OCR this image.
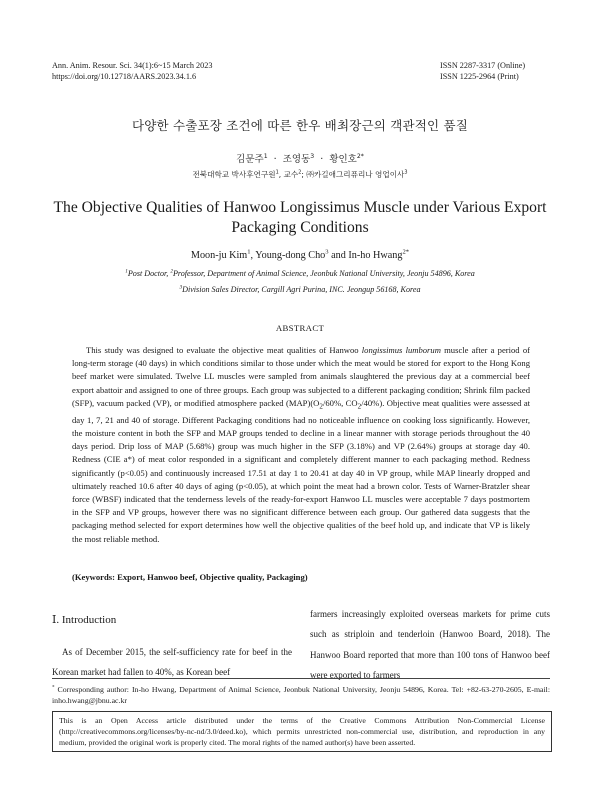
Ann. Anim. Resour. Sci. 34(1):6~15 March 2023
https://doi.org/10.12718/AARS.2023.34.1.6
ISSN 2287-3317 (Online)
ISSN 1225-2964 (Print)
다양한 수출포장 조건에 따른 한우 배최장근의 객관적인 품질
김문주$^1$ · 조영동$^3$ · 황인호$^{2*}$
전북대학교 박사후연구원$^1$, 교수$^2$; ㈜카길애그리퓨리나 영업이사$^3$
The Objective Qualities of Hanwoo Longissimus Muscle under Various Export Packaging Conditions
Moon-ju Kim$^1$, Young-dong Cho$^3$ and In-ho Hwang$^{2*}$
$^1$Post Doctor, $^2$Professor, Department of Animal Science, Jeonbuk National University, Jeonju 54896, Korea
$^3$Division Sales Director, Cargill Agri Purina, INC. Jeongup 56168, Korea
ABSTRACT

This study was designed to evaluate the objective meat qualities of Hanwoo longissimus lumborum muscle after a period of long-term storage (40 days) in which conditions similar to those under which the meat would be stored for export to the Hong Kong beef market were simulated. Twelve LL muscles were sampled from animals slaughtered the previous day at a commercial beef export abattoir and assigned to one of three groups. Each group was subjected to a different packaging condition; Shrink film packed (SFP), vacuum packed (VP), or modified atmosphere packed $(MAP)(O_2/60\%$, $CO_2/40\%$). Objective meat qualities were assessed at day 1, 7, 21 and 40 of storage. Different Packaging conditions had no noticeable influence on cooking loss significantly. However, the moisture content in both the SFP and MAP groups tended to decline in a linear manner with storage periods throughout the 40 days period. Drip loss of MAP (5.68%) group was much higher in the SFP (3.18%) and VP (2.64%) groups at storage day 40. Redness (CIE a*) of meat color responded in a significant and completely different manner to each packaging method. Redness significantly (p<0.05) and continuously increased 17.51 at day 1 to 20.41 at day 40 in VP group, while MAP linearly dropped and ultimately reached 10.6 after 40 days of aging (p<0.05), at which point the meat had a brown color. Tests of Warner-Bratzler shear force (WBSF) indicated that the tenderness levels of the ready-for-export Hanwoo LL muscles were acceptable 7 days postmortem in the SFP and VP groups, however there was no significant difference between each group. Our gathered data suggests that the packaging method selected for export determines how well the objective qualities of the beef hold up, and indicate that VP is likely the most reliable method.

(Keywords: Export, Hanwoo beef, Objective quality, Packaging)
Ⅰ. Introduction

As of December 2015, the self-sufficiency rate for beef in the Korean market had fallen to 40%, as Korean beef

farmers increasingly exploited overseas markets for prime cuts such as striploin and tenderloin (Hanwoo Board, 2018). The Hanwoo Board reported that more than 100 tons of Hanwoo beef were exported to farmers

* Corresponding author: In-ho Hwang, Department of Animal Science, Jeonbuk National University, Jeonju 54896, Korea. Tel: +82-63-270-2605, E-mail: inho.hwang@jbnu.ac.kr
This is an Open Access article distributed under the terms of the Creative Commons Attribution Non-Commercial License (http://creativecommons.org/licenses/by-nc-nd/3.0/deed.ko), which permits unrestricted non-commercial use, distribution, and reproduction in any medium, provided the original work is properly cited. The moral rights of the named author(s) have been asserted.
